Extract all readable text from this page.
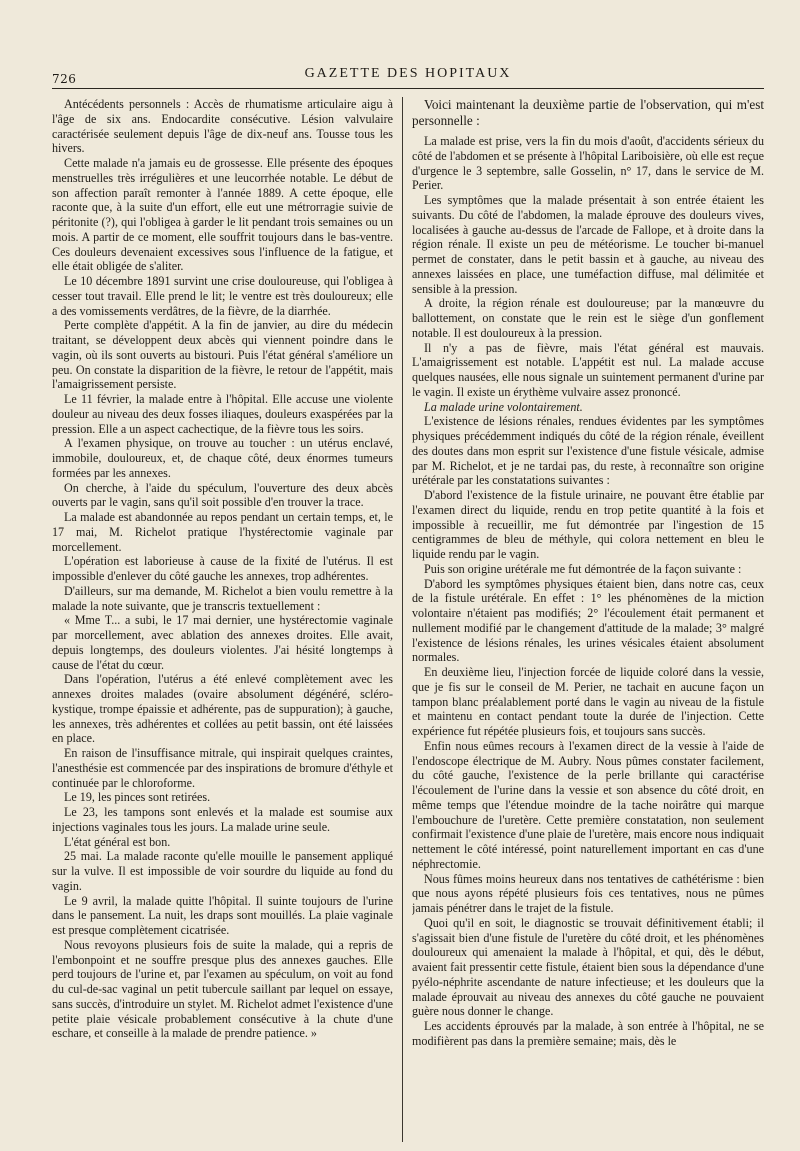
726	GAZETTE DES HOPITAUX

Antécédents personnels : Accès de rhumatisme articulaire aigu à l'âge de six ans. Endocardite consécutive. Lésion valvulaire caractérisée seulement depuis l'âge de dix-neuf ans. Tousse tous les hivers.

Cette malade n'a jamais eu de grossesse. Elle présente des époques menstruelles très irrégulières et une leucorrhée notable. Le début de son affection paraît remonter à l'année 1889. A cette époque, elle raconte que, à la suite d'un effort, elle eut une métrorragie suivie de péritonite (?), qui l'obligea à garder le lit pendant trois semaines ou un mois. A partir de ce moment, elle souffrit toujours dans le bas-ventre. Ces douleurs devenaient excessives sous l'influence de la fatigue, et elle était obligée de s'aliter.

Le 10 décembre 1891 survint une crise douloureuse, qui l'obligea à cesser tout travail. Elle prend le lit; le ventre est très douloureux; elle a des vomissements verdâtres, de la fièvre, de la diarrhée.

Perte complète d'appétit. A la fin de janvier, au dire du médecin traitant, se développent deux abcès qui viennent poindre dans le vagin, où ils sont ouverts au bistouri. Puis l'état général s'améliore un peu. On constate la disparition de la fièvre, le retour de l'appétit, mais l'amaigrissement persiste.

Le 11 février, la malade entre à l'hôpital. Elle accuse une violente douleur au niveau des deux fosses iliaques, douleurs exaspérées par la pression. Elle a un aspect cachectique, de la fièvre tous les soirs.

A l'examen physique, on trouve au toucher : un utérus enclavé, immobile, douloureux, et, de chaque côté, deux énormes tumeurs formées par les annexes.

On cherche, à l'aide du spéculum, l'ouverture des deux abcès ouverts par le vagin, sans qu'il soit possible d'en trouver la trace.

La malade est abandonnée au repos pendant un certain temps, et, le 17 mai, M. Richelot pratique l'hystérectomie vaginale par morcellement.

L'opération est laborieuse à cause de la fixité de l'utérus. Il est impossible d'enlever du côté gauche les annexes, trop adhérentes.

D'ailleurs, sur ma demande, M. Richelot a bien voulu remettre à la malade la note suivante, que je transcris textuellement :

« Mme T... a subi, le 17 mai dernier, une hystérectomie vaginale par morcellement, avec ablation des annexes droites. Elle avait, depuis longtemps, des douleurs violentes. J'ai hésité longtemps à cause de l'état du cœur.

Dans l'opération, l'utérus a été enlevé complètement avec les annexes droites malades (ovaire absolument dégénéré, scléro-kystique, trompe épaissie et adhérente, pas de suppuration); à gauche, les annexes, très adhérentes et collées au petit bassin, ont été laissées en place.

En raison de l'insuffisance mitrale, qui inspirait quelques craintes, l'anesthésie est commencée par des inspirations de bromure d'éthyle et continuée par le chloroforme.

Le 19, les pinces sont retirées.

Le 23, les tampons sont enlevés et la malade est soumise aux injections vaginales tous les jours. La malade urine seule.

L'état général est bon.

25 mai. La malade raconte qu'elle mouille le pansement appliqué sur la vulve. Il est impossible de voir sourdre du liquide au fond du vagin.

Le 9 avril, la malade quitte l'hôpital. Il suinte toujours de l'urine dans le pansement. La nuit, les draps sont mouillés. La plaie vaginale est presque complètement cicatrisée.

Nous revoyons plusieurs fois de suite la malade, qui a repris de l'embonpoint et ne souffre presque plus des annexes gauches. Elle perd toujours de l'urine et, par l'examen au spéculum, on voit au fond du cul-de-sac vaginal un petit tubercule saillant par lequel on essaye, sans succès, d'introduire un stylet. M. Richelot admet l'existence d'une petite plaie vésicale probablement consécutive à la chute d'une eschare, et conseille à la malade de prendre patience. »

Voici maintenant la deuxième partie de l'observation, qui m'est personnelle :

La malade est prise, vers la fin du mois d'août, d'accidents sérieux du côté de l'abdomen et se présente à l'hôpital Lariboisière, où elle est reçue d'urgence le 3 septembre, salle Gosselin, n° 17, dans le service de M. Perier.

Les symptômes que la malade présentait à son entrée étaient les suivants. Du côté de l'abdomen, la malade éprouve des douleurs vives, localisées à gauche au-dessus de l'arcade de Fallope, et à droite dans la région rénale. Il existe un peu de météorisme. Le toucher bi-manuel permet de constater, dans le petit bassin et à gauche, au niveau des annexes laissées en place, une tuméfaction diffuse, mal délimitée et sensible à la pression.

A droite, la région rénale est douloureuse; par la manœuvre du ballottement, on constate que le rein est le siège d'un gonflement notable. Il est douloureux à la pression.

Il n'y a pas de fièvre, mais l'état général est mauvais. L'amaigrissement est notable. L'appétit est nul. La malade accuse quelques nausées, elle nous signale un suintement permanent d'urine par le vagin. Il existe un érythème vulvaire assez prononcé.

La malade urine volontairement.

L'existence de lésions rénales, rendues évidentes par les symptômes physiques précédemment indiqués du côté de la région rénale, éveillent des doutes dans mon esprit sur l'existence d'une fistule vésicale, admise par M. Richelot, et je ne tardai pas, du reste, à reconnaître son origine urétérale par les constatations suivantes :

D'abord l'existence de la fistule urinaire, ne pouvant être établie par l'examen direct du liquide, rendu en trop petite quantité à la fois et impossible à recueillir, me fut démontrée par l'ingestion de 15 centigrammes de bleu de méthyle, qui colora nettement en bleu le liquide rendu par le vagin.

Puis son origine urétérale me fut démontrée de la façon suivante :

D'abord les symptômes physiques étaient bien, dans notre cas, ceux de la fistule urétérale. En effet : 1° les phénomènes de la miction volontaire n'étaient pas modifiés; 2° l'écoulement était permanent et nullement modifié par le changement d'attitude de la malade; 3° malgré l'existence de lésions rénales, les urines vésicales étaient absolument normales.

En deuxième lieu, l'injection forcée de liquide coloré dans la vessie, que je fis sur le conseil de M. Perier, ne tachait en aucune façon un tampon blanc préalablement porté dans le vagin au niveau de la fistule et maintenu en contact pendant toute la durée de l'injection. Cette expérience fut répétée plusieurs fois, et toujours sans succès.

Enfin nous eûmes recours à l'examen direct de la vessie à l'aide de l'endoscope électrique de M. Aubry. Nous pûmes constater facilement, du côté gauche, l'existence de la perle brillante qui caractérise l'écoulement de l'urine dans la vessie et son absence du côté droit, en même temps que l'étendue moindre de la tache noirâtre qui marque l'embouchure de l'uretère. Cette première constatation, non seulement confirmait l'existence d'une plaie de l'uretère, mais encore nous indiquait nettement le côté intéressé, point naturellement important en cas d'une néphrectomie.

Nous fûmes moins heureux dans nos tentatives de cathétérisme : bien que nous ayons répété plusieurs fois ces tentatives, nous ne pûmes jamais pénétrer dans le trajet de la fistule.

Quoi qu'il en soit, le diagnostic se trouvait définitivement établi; il s'agissait bien d'une fistule de l'uretère du côté droit, et les phénomènes douloureux qui amenaient la malade à l'hôpital, et qui, dès le début, avaient fait pressentir cette fistule, étaient bien sous la dépendance d'une pyélo-néphrite ascendante de nature infectieuse; et les douleurs que la malade éprouvait au niveau des annexes du côté gauche ne pouvaient guère nous donner le change.

Les accidents éprouvés par la malade, à son entrée à l'hôpital, ne se modifièrent pas dans la première semaine; mais, dès le
